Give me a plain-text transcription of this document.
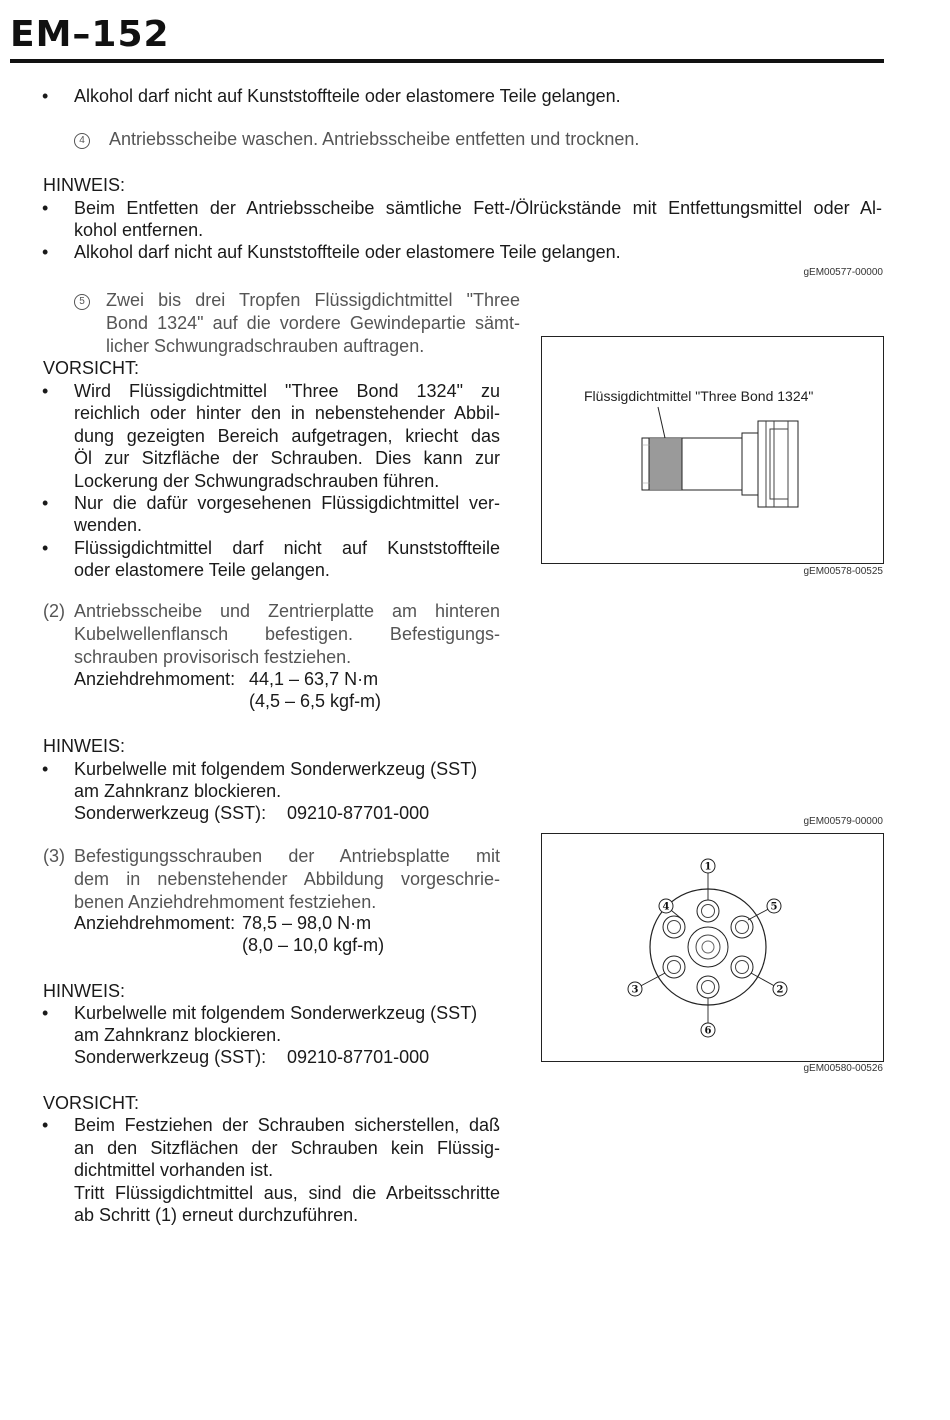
EM–152
• Alkohol darf nicht auf Kunststoffteile oder elastomere Teile gelangen.
4 Antriebsscheibe waschen. Antriebsscheibe entfetten und trocknen.
HINWEIS:
• Beim Entfetten der Antriebsscheibe sämtliche Fett-/Ölrückstände mit Entfettungsmittel oder Al-
kohol entfernen.
• Alkohol darf nicht auf Kunststoffteile oder elastomere Teile gelangen.
gEM00577-00000
5 Zwei bis drei Tropfen Flüssigdichtmittel "Three
Bond 1324" auf die vordere Gewindepartie sämt-
licher Schwungradschrauben auftragen.
VORSICHT:
• Wird Flüssigdichtmittel "Three Bond 1324" zu
reichlich oder hinter den in nebenstehender Abbil-
dung gezeigten Bereich aufgetragen, kriecht das
Öl zur Sitzfläche der Schrauben. Dies kann zur
Lockerung der Schwungradschrauben führen.
• Nur die dafür vorgesehenen Flüssigdichtmittel ver-
wenden.
• Flüssigdichtmittel darf nicht auf Kunststoffteile
oder elastomere Teile gelangen.
Flüssigdichtmittel "Three Bond 1324"
gEM00578-00525
(2) Antriebsscheibe und Zentrierplatte am hinteren
Kubelwellenflansch befestigen. Befestigungs-
schrauben provisorisch festziehen.
Anziehdrehmoment: 44,1 – 63,7 N·m
(4,5 – 6,5 kgf-m)
HINWEIS:
• Kurbelwelle mit folgendem Sonderwerkzeug (SST)
am Zahnkranz blockieren.
Sonderwerkzeug (SST): 09210-87701-000	gEM00579-00000
(3) Befestigungsschrauben der Antriebsplatte mit
dem in nebenstehender Abbildung vorgeschrie-
benen Anziehdrehmoment festziehen.
Anziehdrehmoment: 78,5 – 98,0 N·m
(8,0 – 10,0 kgf-m)
HINWEIS:
• Kurbelwelle mit folgendem Sonderwerkzeug (SST)
am Zahnkranz blockieren.
Sonderwerkzeug (SST): 09210-87701-000
1
2
3
4	5
6
gEM00580-00526
VORSICHT:
• Beim Festziehen der Schrauben sicherstellen, daß
an den Sitzflächen der Schrauben kein Flüssig-
dichtmittel vorhanden ist.
Tritt Flüssigdichtmittel aus, sind die Arbeitsschritte
ab Schritt (1) erneut durchzuführen.
